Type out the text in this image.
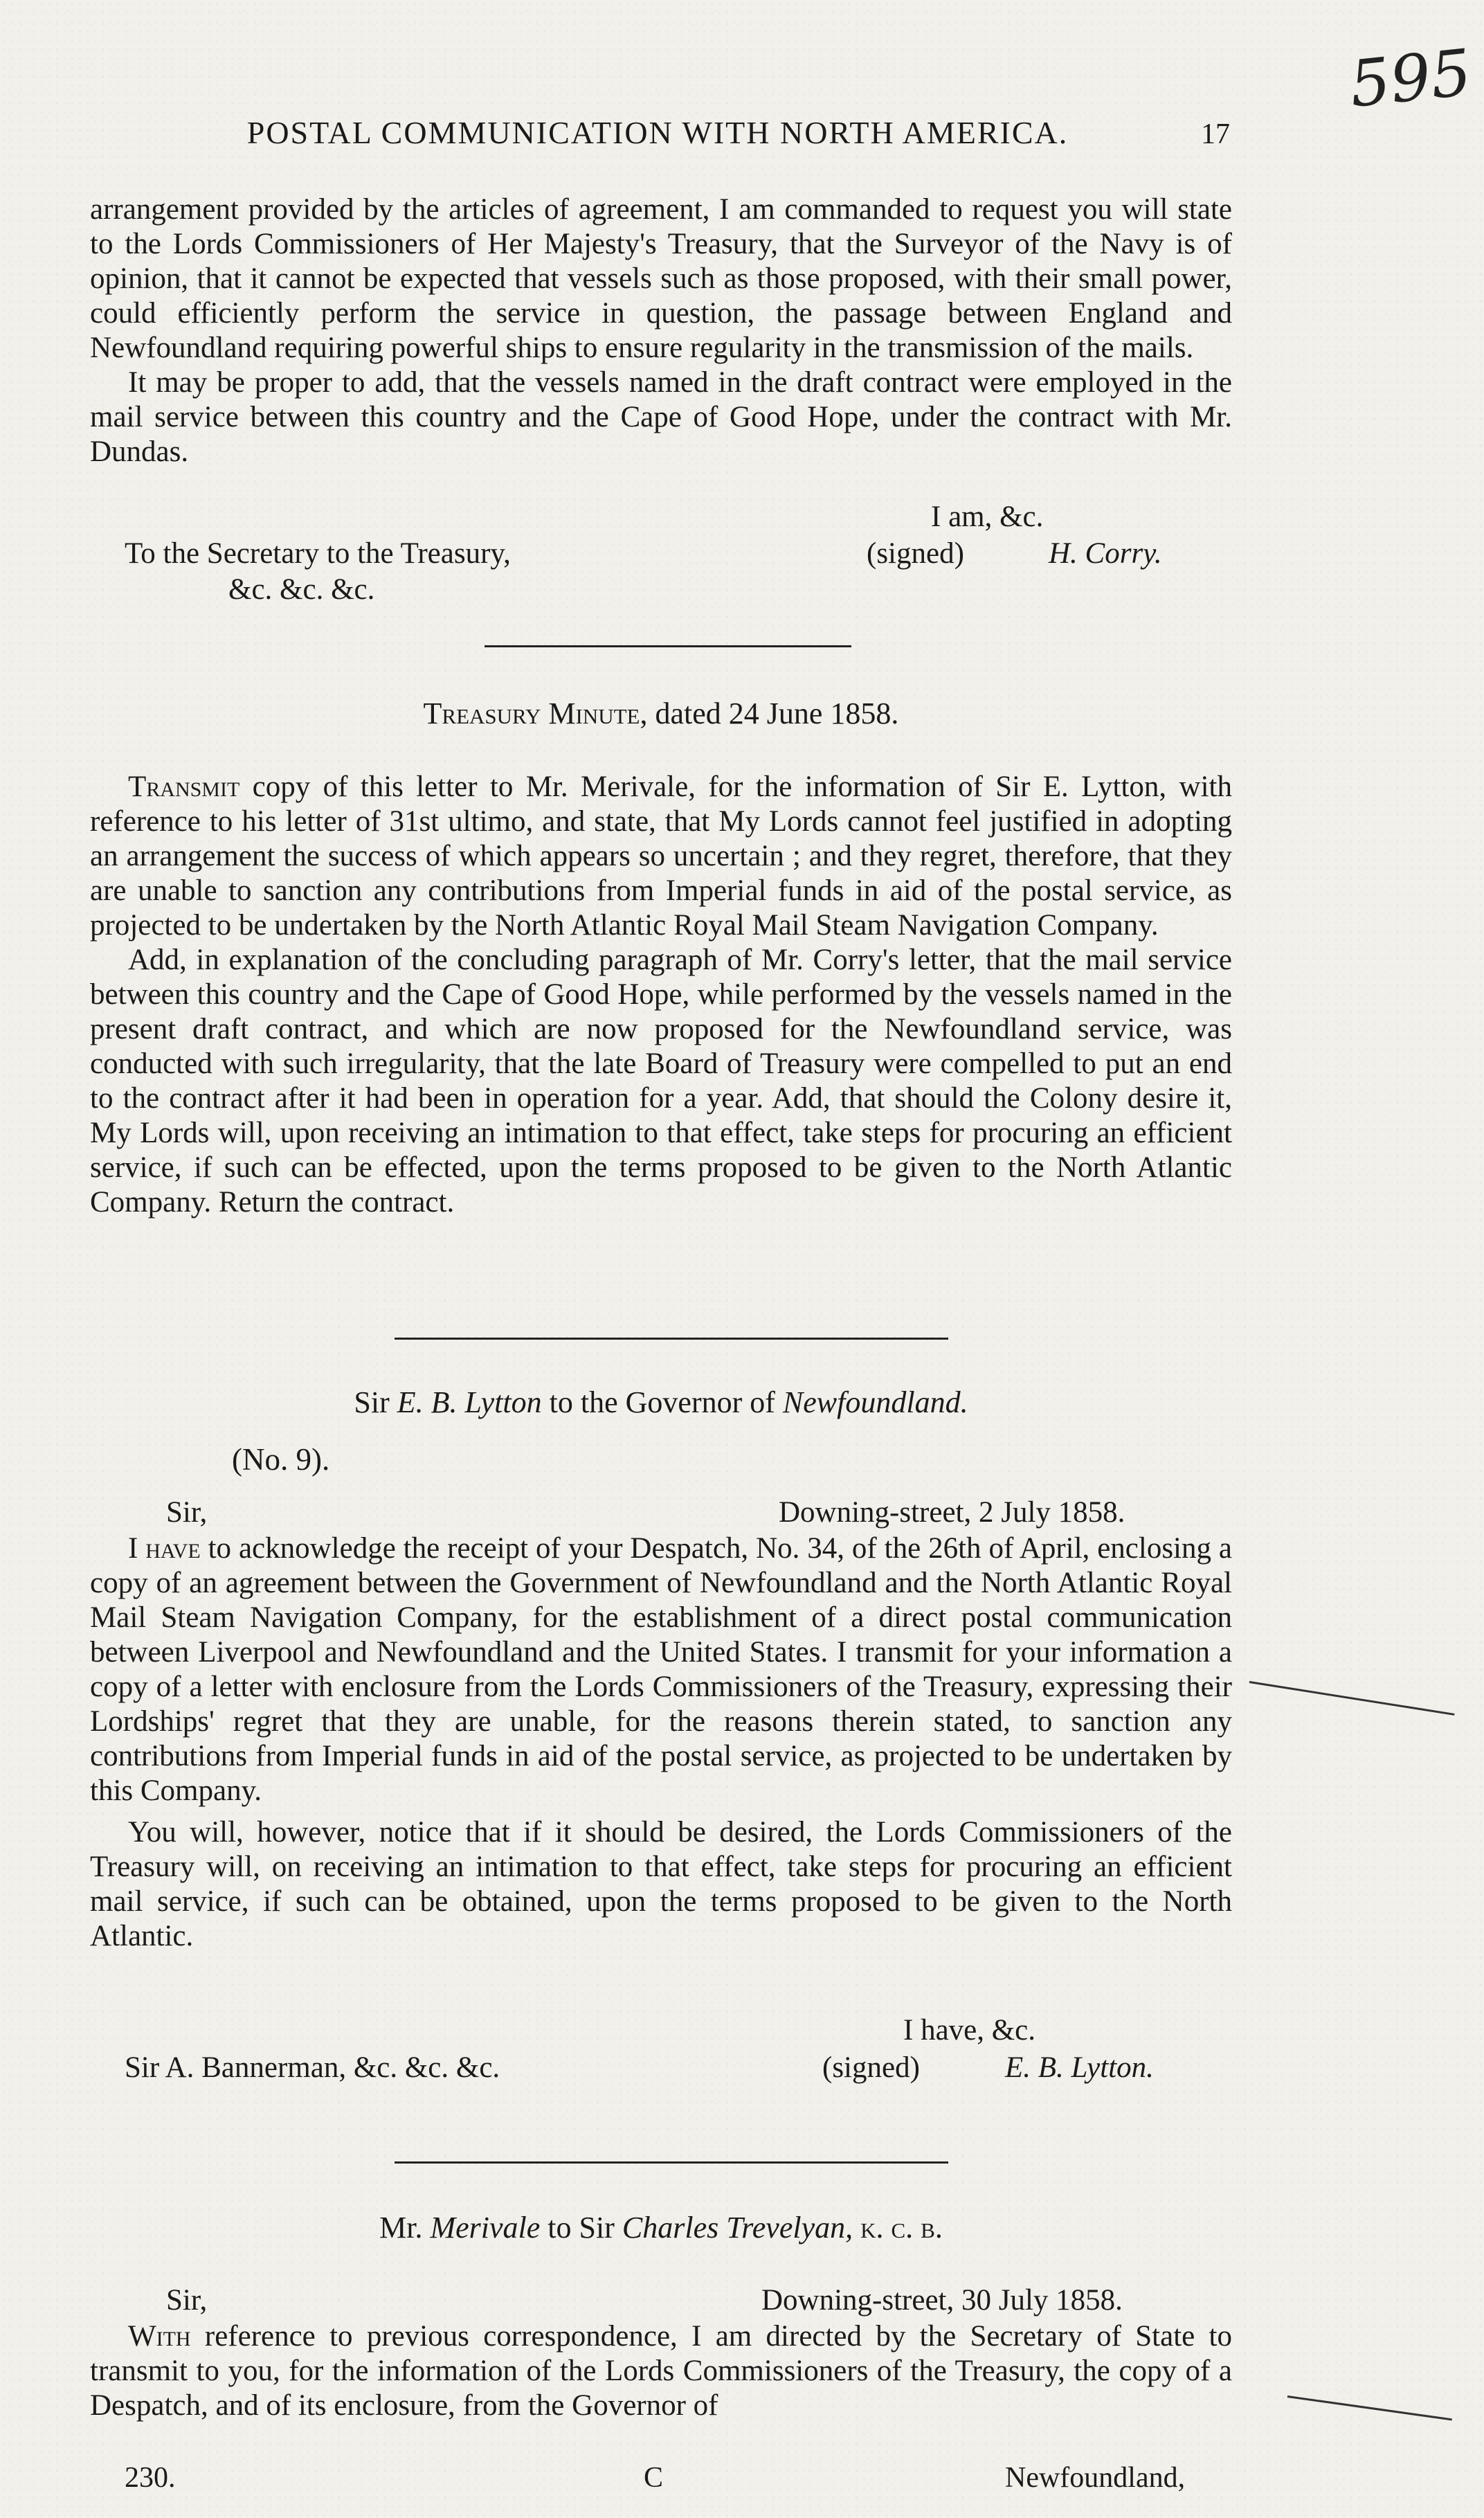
595
POSTAL COMMUNICATION WITH NORTH AMERICA.	17

arrangement provided by the articles of agreement, I am commanded to request you will state to the Lords Commissioners of Her Majesty's Treasury, that the Surveyor of the Navy is of opinion, that it cannot be expected that vessels such as those proposed, with their small power, could efficiently perform the service in question, the passage between England and Newfoundland requiring powerful ships to ensure regularity in the transmission of the mails.

It may be proper to add, that the vessels named in the draft contract were employed in the mail service between this country and the Cape of Good Hope, under the contract with Mr. Dundas.

I am, &c.
To the Secretary to the Treasury,	(signed)	H. Corry.
&c. &c. &c.
Treasury Minute, dated 24 June 1858.

Transmit copy of this letter to Mr. Merivale, for the information of Sir E. Lytton, with reference to his letter of 31st ultimo, and state, that My Lords cannot feel justified in adopting an arrangement the success of which appears so uncertain ; and they regret, therefore, that they are unable to sanction any contributions from Imperial funds in aid of the postal service, as projected to be undertaken by the North Atlantic Royal Mail Steam Navigation Company.

Add, in explanation of the concluding paragraph of Mr. Corry's letter, that the mail service between this country and the Cape of Good Hope, while performed by the vessels named in the present draft contract, and which are now proposed for the Newfoundland service, was conducted with such irregularity, that the late Board of Treasury were compelled to put an end to the contract after it had been in operation for a year. Add, that should the Colony desire it, My Lords will, upon receiving an intimation to that effect, take steps for procuring an efficient service, if such can be effected, upon the terms proposed to be given to the North Atlantic Company. Return the contract.

Sir E. B. Lytton to the Governor of Newfoundland.
(No. 9).
Sir,	Downing-street, 2 July 1858.

I have to acknowledge the receipt of your Despatch, No. 34, of the 26th of April, enclosing a copy of an agreement between the Government of Newfoundland and the North Atlantic Royal Mail Steam Navigation Company, for the establishment of a direct postal communication between Liverpool and Newfoundland and the United States. I transmit for your information a copy of a letter with enclosure from the Lords Commissioners of the Treasury, expressing their Lordships' regret that they are unable, for the reasons therein stated, to sanction any contributions from Imperial funds in aid of the postal service, as projected to be undertaken by this Company.

You will, however, notice that if it should be desired, the Lords Commissioners of the Treasury will, on receiving an intimation to that effect, take steps for procuring an efficient mail service, if such can be obtained, upon the terms proposed to be given to the North Atlantic.

I have, &c.
Sir A. Bannerman, &c. &c. &c.	(signed)	E. B. Lytton.
Mr. Merivale to Sir Charles Trevelyan, k. c. b.
Sir,	Downing-street, 30 July 1858.

With reference to previous correspondence, I am directed by the Secretary of State to transmit to you, for the information of the Lords Commissioners of the Treasury, the copy of a Despatch, and of its enclosure, from the Governor of

230.	C	Newfoundland,
